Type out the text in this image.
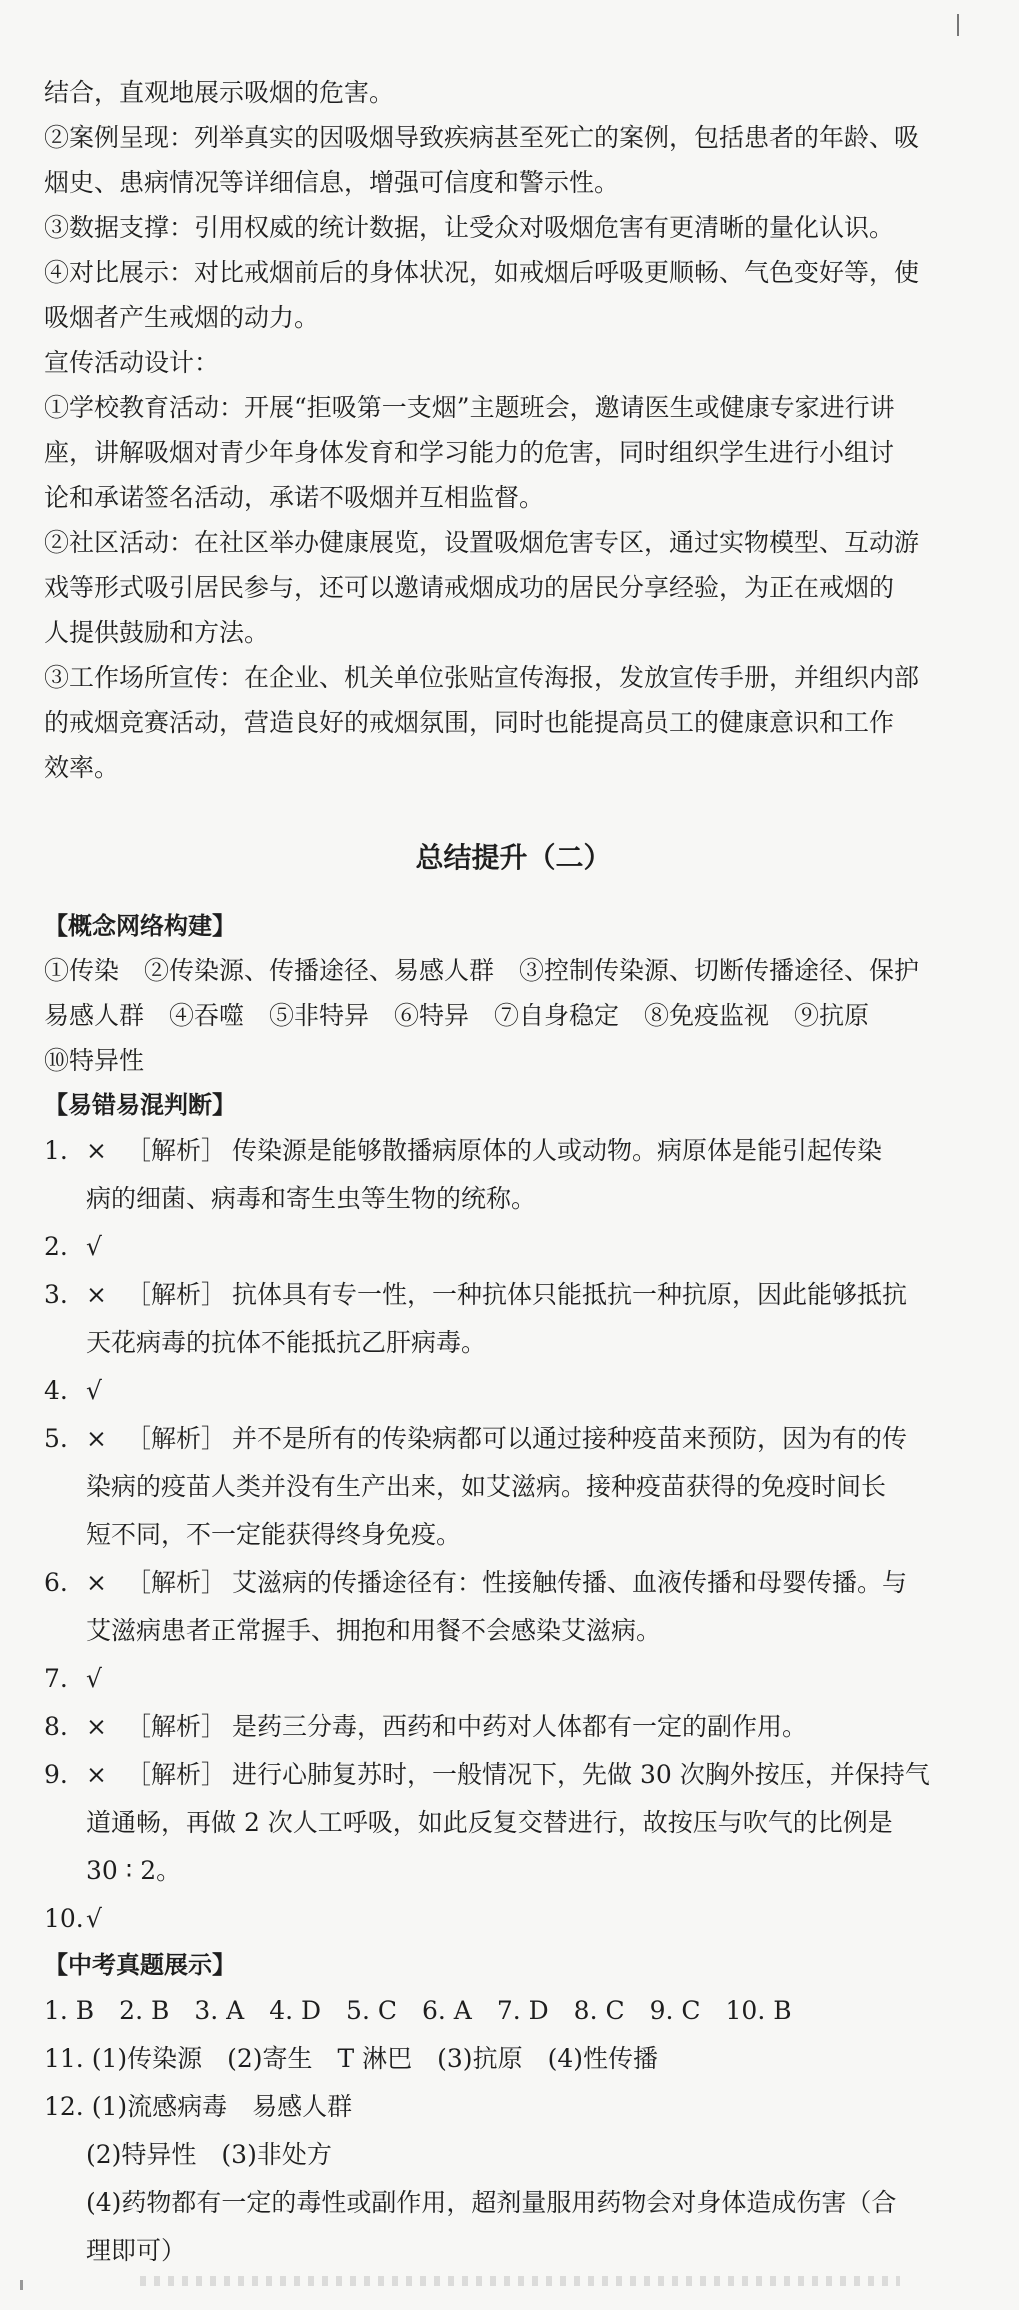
结合，直观地展示吸烟的危害。

②案例呈现：列举真实的因吸烟导致疾病甚至死亡的案例，包括患者的年龄、吸

烟史、患病情况等详细信息，增强可信度和警示性。

③数据支撑：引用权威的统计数据，让受众对吸烟危害有更清晰的量化认识。

④对比展示：对比戒烟前后的身体状况，如戒烟后呼吸更顺畅、气色变好等，使

吸烟者产生戒烟的动力。

宣传活动设计：

①学校教育活动：开展“拒吸第一支烟”主题班会，邀请医生或健康专家进行讲

座，讲解吸烟对青少年身体发育和学习能力的危害，同时组织学生进行小组讨

论和承诺签名活动，承诺不吸烟并互相监督。

②社区活动：在社区举办健康展览，设置吸烟危害专区，通过实物模型、互动游

戏等形式吸引居民参与，还可以邀请戒烟成功的居民分享经验，为正在戒烟的

人提供鼓励和方法。

③工作场所宣传：在企业、机关单位张贴宣传海报，发放宣传手册，并组织内部

的戒烟竞赛活动，营造良好的戒烟氛围，同时也能提高员工的健康意识和工作

效率。

总结提升（二）

【概念网络构建】

①传染　②传染源、传播途径、易感人群　③控制传染源、切断传播途径、保护

易感人群　④吞噬　⑤非特异　⑥特异　⑦自身稳定　⑧免疫监视　⑨抗原

⑩特异性

【易错易混判断】

1. × ［解析］ 传染源是能够散播病原体的人或动物。病原体是能引起传染
病的细菌、病毒和寄生虫等生物的统称。

2. √

3. × ［解析］ 抗体具有专一性，一种抗体只能抵抗一种抗原，因此能够抵抗
天花病毒的抗体不能抵抗乙肝病毒。

4. √

5. × ［解析］ 并不是所有的传染病都可以通过接种疫苗来预防，因为有的传
染病的疫苗人类并没有生产出来，如艾滋病。接种疫苗获得的免疫时间长
短不同，不一定能获得终身免疫。

6. × ［解析］ 艾滋病的传播途径有：性接触传播、血液传播和母婴传播。与
艾滋病患者正常握手、拥抱和用餐不会感染艾滋病。

7. √

8. × ［解析］ 是药三分毒，西药和中药对人体都有一定的副作用。

9. × ［解析］ 进行心肺复苏时，一般情况下，先做 30 次胸外按压，并保持气
道通畅，再做 2 次人工呼吸，如此反复交替进行，故按压与吹气的比例是
30 ∶ 2。

10.√

【中考真题展示】

1. B　2. B　3. A　4. D　5. C　6. A　7. D　8. C　9. C　10. B

11. (1)传染源　(2)寄生　T 淋巴　(3)抗原　(4)性传播

12. (1)流感病毒　易感人群
(2)特异性　(3)非处方
(4)药物都有一定的毒性或副作用，超剂量服用药物会对身体造成伤害（合
理即可）
